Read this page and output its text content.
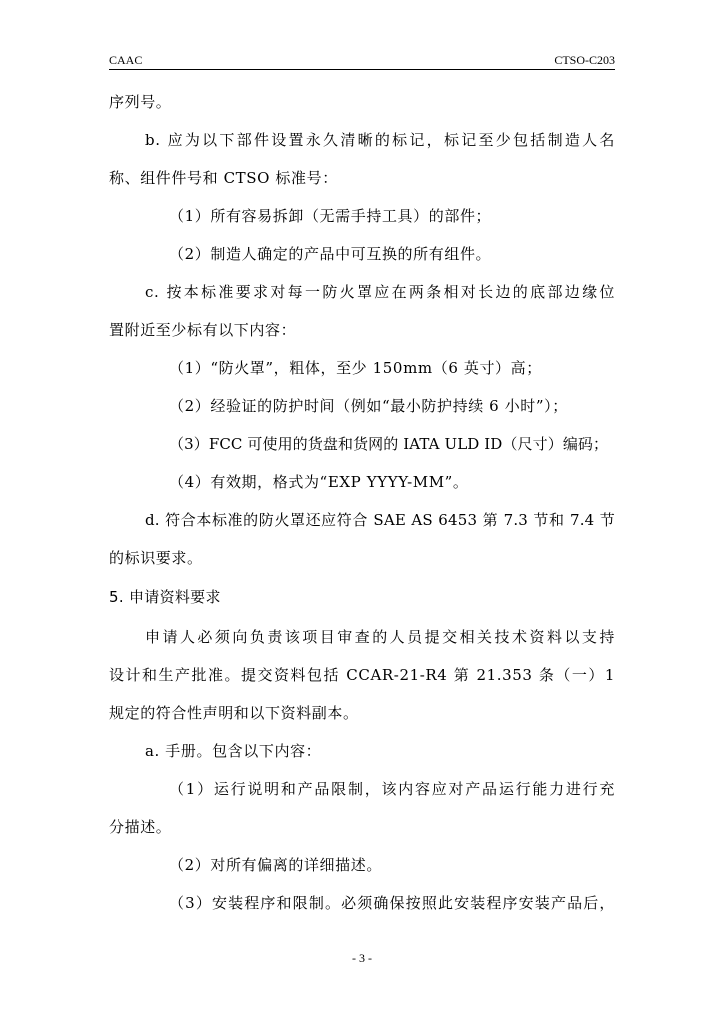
CAAC	CTSO-C203

序列号。

b. 应为以下部件设置永久清晰的标记，标记至少包括制造人名

称、组件件号和 CTSO 标准号：

（1）所有容易拆卸（无需手持工具）的部件；

（2）制造人确定的产品中可互换的所有组件。

c. 按本标准要求对每一防火罩应在两条相对长边的底部边缘位

置附近至少标有以下内容：

（1）“防火罩”，粗体，至少 150mm（6 英寸）高；

（2）经验证的防护时间（例如“最小防护持续 6 小时”）；

（3）FCC 可使用的货盘和货网的 IATA ULD ID（尺寸）编码；

（4）有效期，格式为“EXP YYYY-MM”。

d. 符合本标准的防火罩还应符合 SAE AS 6453 第 7.3 节和 7.4 节

的标识要求。

5. 申请资料要求

申请人必须向负责该项目审查的人员提交相关技术资料以支持

设计和生产批准。提交资料包括 CCAR-21-R4 第 21.353 条（一）1

规定的符合性声明和以下资料副本。

a. 手册。包含以下内容：

（1）运行说明和产品限制，该内容应对产品运行能力进行充

分描述。

（2）对所有偏离的详细描述。

（3）安装程序和限制。必须确保按照此安装程序安装产品后，

- 3 -
